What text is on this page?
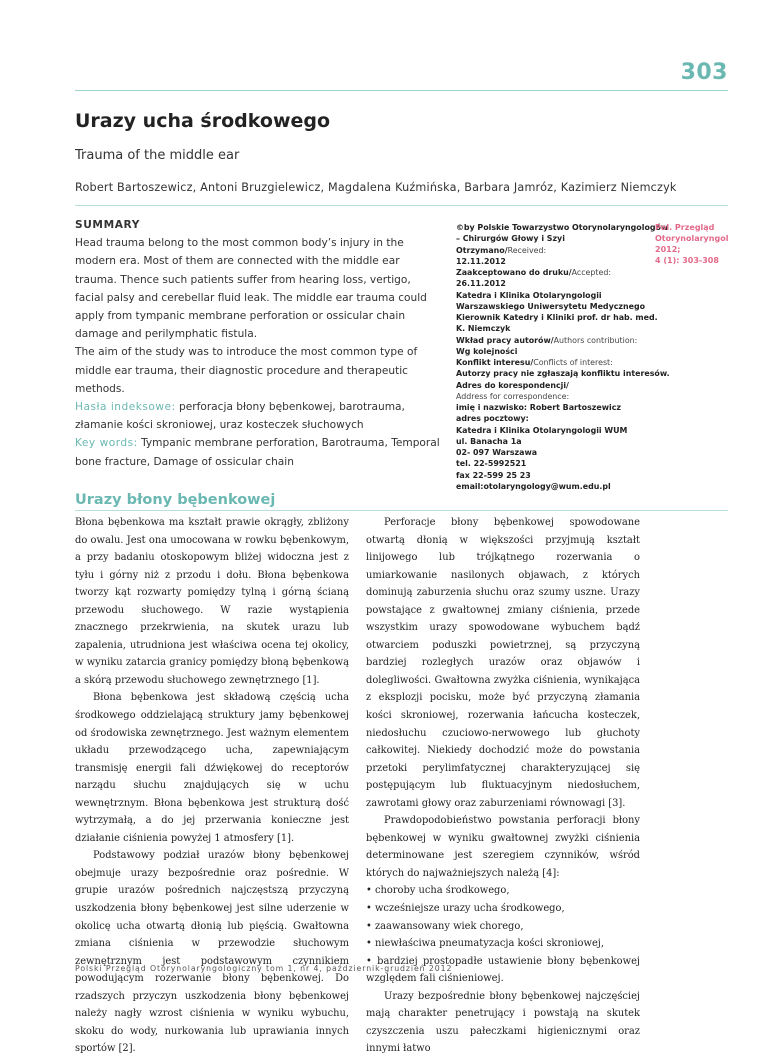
303
Urazy ucha środkowego
Trauma of the middle ear
Robert Bartoszewicz, Antoni Bruzgielewicz, Magdalena Kuźmińska, Barbara Jamróz, Kazimierz Niemczyk
SUMMARY

Head trauma belong to the most common body’s injury in the modern era. Most of them are connected with the middle ear trauma. Thence such patients suffer from hearing loss, vertigo, facial palsy and cerebellar fluid leak. The middle ear trauma could apply from tympanic membrane perforation or ossicular chain damage and perilymphatic fistula.

The aim of the study was to introduce the most common type of middle ear trauma, their diagnostic procedure and therapeutic methods.

Hasła indeksowe: perforacja błony bębenkowej, barotrauma, złamanie kości skroniowej, uraz kosteczek słuchowych

Key words: Tympanic membrane perforation, Barotrauma, Temporal bone fracture, Damage of ossicular chain

©by Polskie Towarzystwo Otorynolaryngologów
– Chirurgów Głowy i Szyi
Otrzymano/Received:
12.11.2012
Zaakceptowano do druku/Accepted:
26.11.2012
Katedra i Klinika Otolaryngologii
Warszawskiego Uniwersytetu Medycznego
Kierownik Katedry i Kliniki prof. dr hab. med.
K. Niemczyk
Wkład pracy autorów/Authors contribution:
Wg kolejności
Konflikt interesu/Conflicts of interest:
Autorzy pracy nie zgłaszają konfliktu interesów.
Adres do korespondencji/
Address for correspondence:
imię i nazwisko: Robert Bartoszewicz
adres pocztowy:
Katedra i Klinika Otolaryngologii WUM
ul. Banacha 1a
02- 097 Warszawa
tel. 22-5992521
fax 22-599 25 23
email:otolaryngology@wum.edu.pl
Pol. Przegląd
Otorynolaryngol 2012;
4 (1): 303-308
Urazy błony bębenkowej

Błona bębenkowa ma kształt prawie okrągły, zbliżony do owalu. Jest ona umocowana w rowku bębenkowym, a przy badaniu otoskopowym bliżej widoczna jest z tyłu i górny niż z przodu i dołu. Błona bębenkowa tworzy kąt rozwarty pomiędzy tylną i górną ścianą przewodu słuchowego. W razie wystąpienia znacznego przekrwienia, na skutek urazu lub zapalenia, utrudniona jest właściwa ocena tej okolicy, w wyniku zatarcia granicy pomiędzy błoną bębenkową a skórą przewodu słuchowego zewnętrznego [1].

Błona bębenkowa jest składową częścią ucha środkowego oddzielającą struktury jamy bębenkowej od środowiska zewnętrznego. Jest ważnym elementem układu przewodzącego ucha, zapewniającym transmisję energii fali dźwiękowej do receptorów narządu słuchu znajdujących się w uchu wewnętrznym. Błona bębenkowa jest strukturą dość wytrzymałą, a do jej przerwania konieczne jest działanie ciśnienia powyżej 1 atmosfery [1].

Podstawowy podział urazów błony bębenkowej obejmuje urazy bezpośrednie oraz pośrednie. W grupie urazów pośrednich najczęstszą przyczyną uszkodzenia błony bębenkowej jest silne uderzenie w okolicę ucha otwartą dłonią lub pięścią. Gwałtowna zmiana ciśnienia w przewodzie słuchowym zewnętrznym jest podstawowym czynnikiem powodującym rozerwanie błony bębenkowej. Do rzadszych przyczyn uszkodzenia błony bębenkowej należy nagły wzrost ciśnienia w wyniku wybuchu, skoku do wody, nurkowania lub uprawiania innych sportów [2].

Perforacje błony bębenkowej spowodowane otwartą dłonią w większości przyjmują kształt linijowego lub trójkątnego rozerwania o umiarkowanie nasilonych objawach, z których dominują zaburzenia słuchu oraz szumy uszne. Urazy powstające z gwałtownej zmiany ciśnienia, przede wszystkim urazy spowodowane wybuchem bądź otwarciem poduszki powietrznej, są przyczyną bardziej rozległych urazów oraz objawów i dolegliwości. Gwałtowna zwyżka ciśnienia, wynikająca z eksplozji pocisku, może być przyczyną złamania kości skroniowej, rozerwania łańcucha kosteczek, niedosłuchu czuciowo-nerwowego lub głuchoty całkowitej. Niekiedy dochodzić może do powstania przetoki perylimfatycznej charakteryzującej się postępującym lub fluktuacyjnym niedosłuchem, zawrotami głowy oraz zaburzeniami równowagi [3].

Prawdopodobieństwo powstania perforacji błony bębenkowej w wyniku gwałtownej zwyżki ciśnienia determinowane jest szeregiem czynników, wśród których do najważniejszych należą [4]:

• choroby ucha środkowego,

• wcześniejsze urazy ucha środkowego,

• zaawansowany wiek chorego,

• niewłaściwa pneumatyzacja kości skroniowej,

• bardziej prostopadłe ustawienie błony bębenkowej względem fali ciśnieniowej.

Urazy bezpośrednie błony bębenkowej najczęściej mają charakter penetrujący i powstają na skutek czyszczenia uszu pałeczkami higienicznymi oraz innymi łatwo

Polski Przegląd Otorynolaryngologiczny tom 1, nr 4, październik-grudzień 2012
